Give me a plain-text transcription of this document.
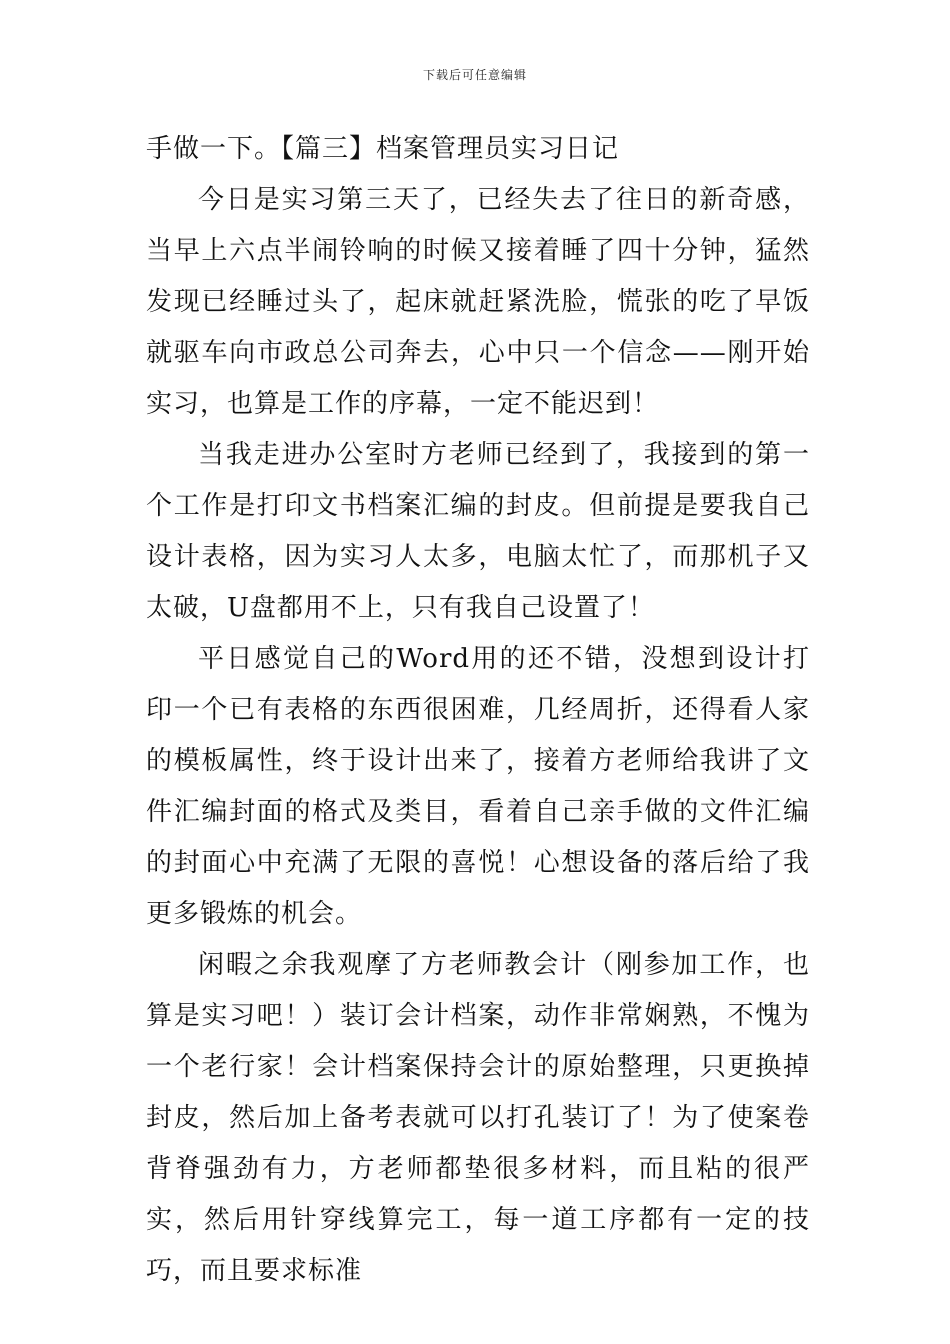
下载后可任意编辑

手做一下。【篇三】档案管理员实习日记

今日是实习第三天了，已经失去了往日的新奇感，当早上六点半闹铃响的时候又接着睡了四十分钟，猛然发现已经睡过头了，起床就赶紧洗脸，慌张的吃了早饭就驱车向市政总公司奔去，心中只一个信念——刚开始实习，也算是工作的序幕，一定不能迟到！

当我走进办公室时方老师已经到了，我接到的第一个工作是打印文书档案汇编的封皮。但前提是要我自己设计表格，因为实习人太多，电脑太忙了，而那机子又太破，U盘都用不上，只有我自己设置了！

平日感觉自己的Word用的还不错，没想到设计打印一个已有表格的东西很困难，几经周折，还得看人家的模板属性，终于设计出来了，接着方老师给我讲了文件汇编封面的格式及类目，看着自己亲手做的文件汇编的封面心中充满了无限的喜悦！心想设备的落后给了我更多锻炼的机会。

闲暇之余我观摩了方老师教会计（刚参加工作，也算是实习吧！）装订会计档案，动作非常娴熟，不愧为一个老行家！会计档案保持会计的原始整理，只更换掉封皮，然后加上备考表就可以打孔装订了！为了使案卷背脊强劲有力，方老师都垫很多材料，而且粘的很严实，然后用针穿线算完工，每一道工序都有一定的技巧，而且要求标准
